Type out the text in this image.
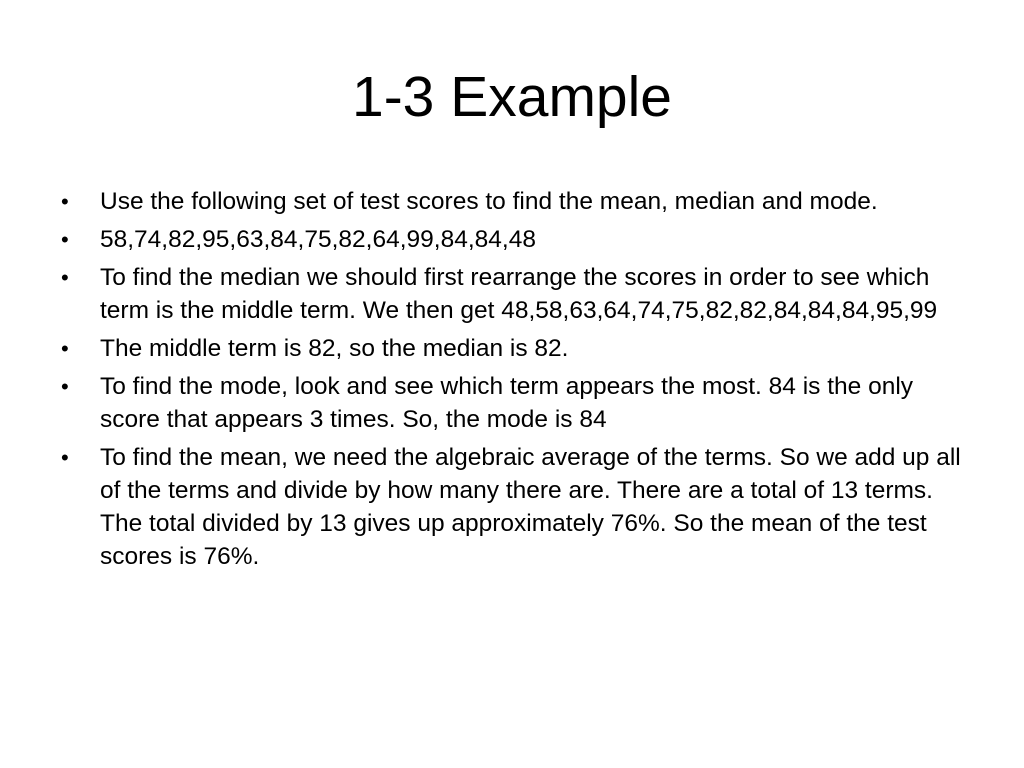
1-3 Example
•	Use the following set of test scores to find the mean, median and mode.
•	58,74,82,95,63,84,75,82,64,99,84,84,48
•	To find the median we should first rearrange the scores in order to see which term is the middle term. We then get 48,58,63,64,74,75,82,82,84,84,84,95,99
•	The middle term is 82, so the median is 82.
•	To find the mode, look and see which term appears the most. 84 is the only score that appears 3 times. So, the mode is 84
•	To find the mean, we need the algebraic average of the terms. So we add up all of the terms and divide by how many there are. There are a total of 13 terms. The total divided by 13 gives up approximately 76%. So the mean of the test scores is 76%.
